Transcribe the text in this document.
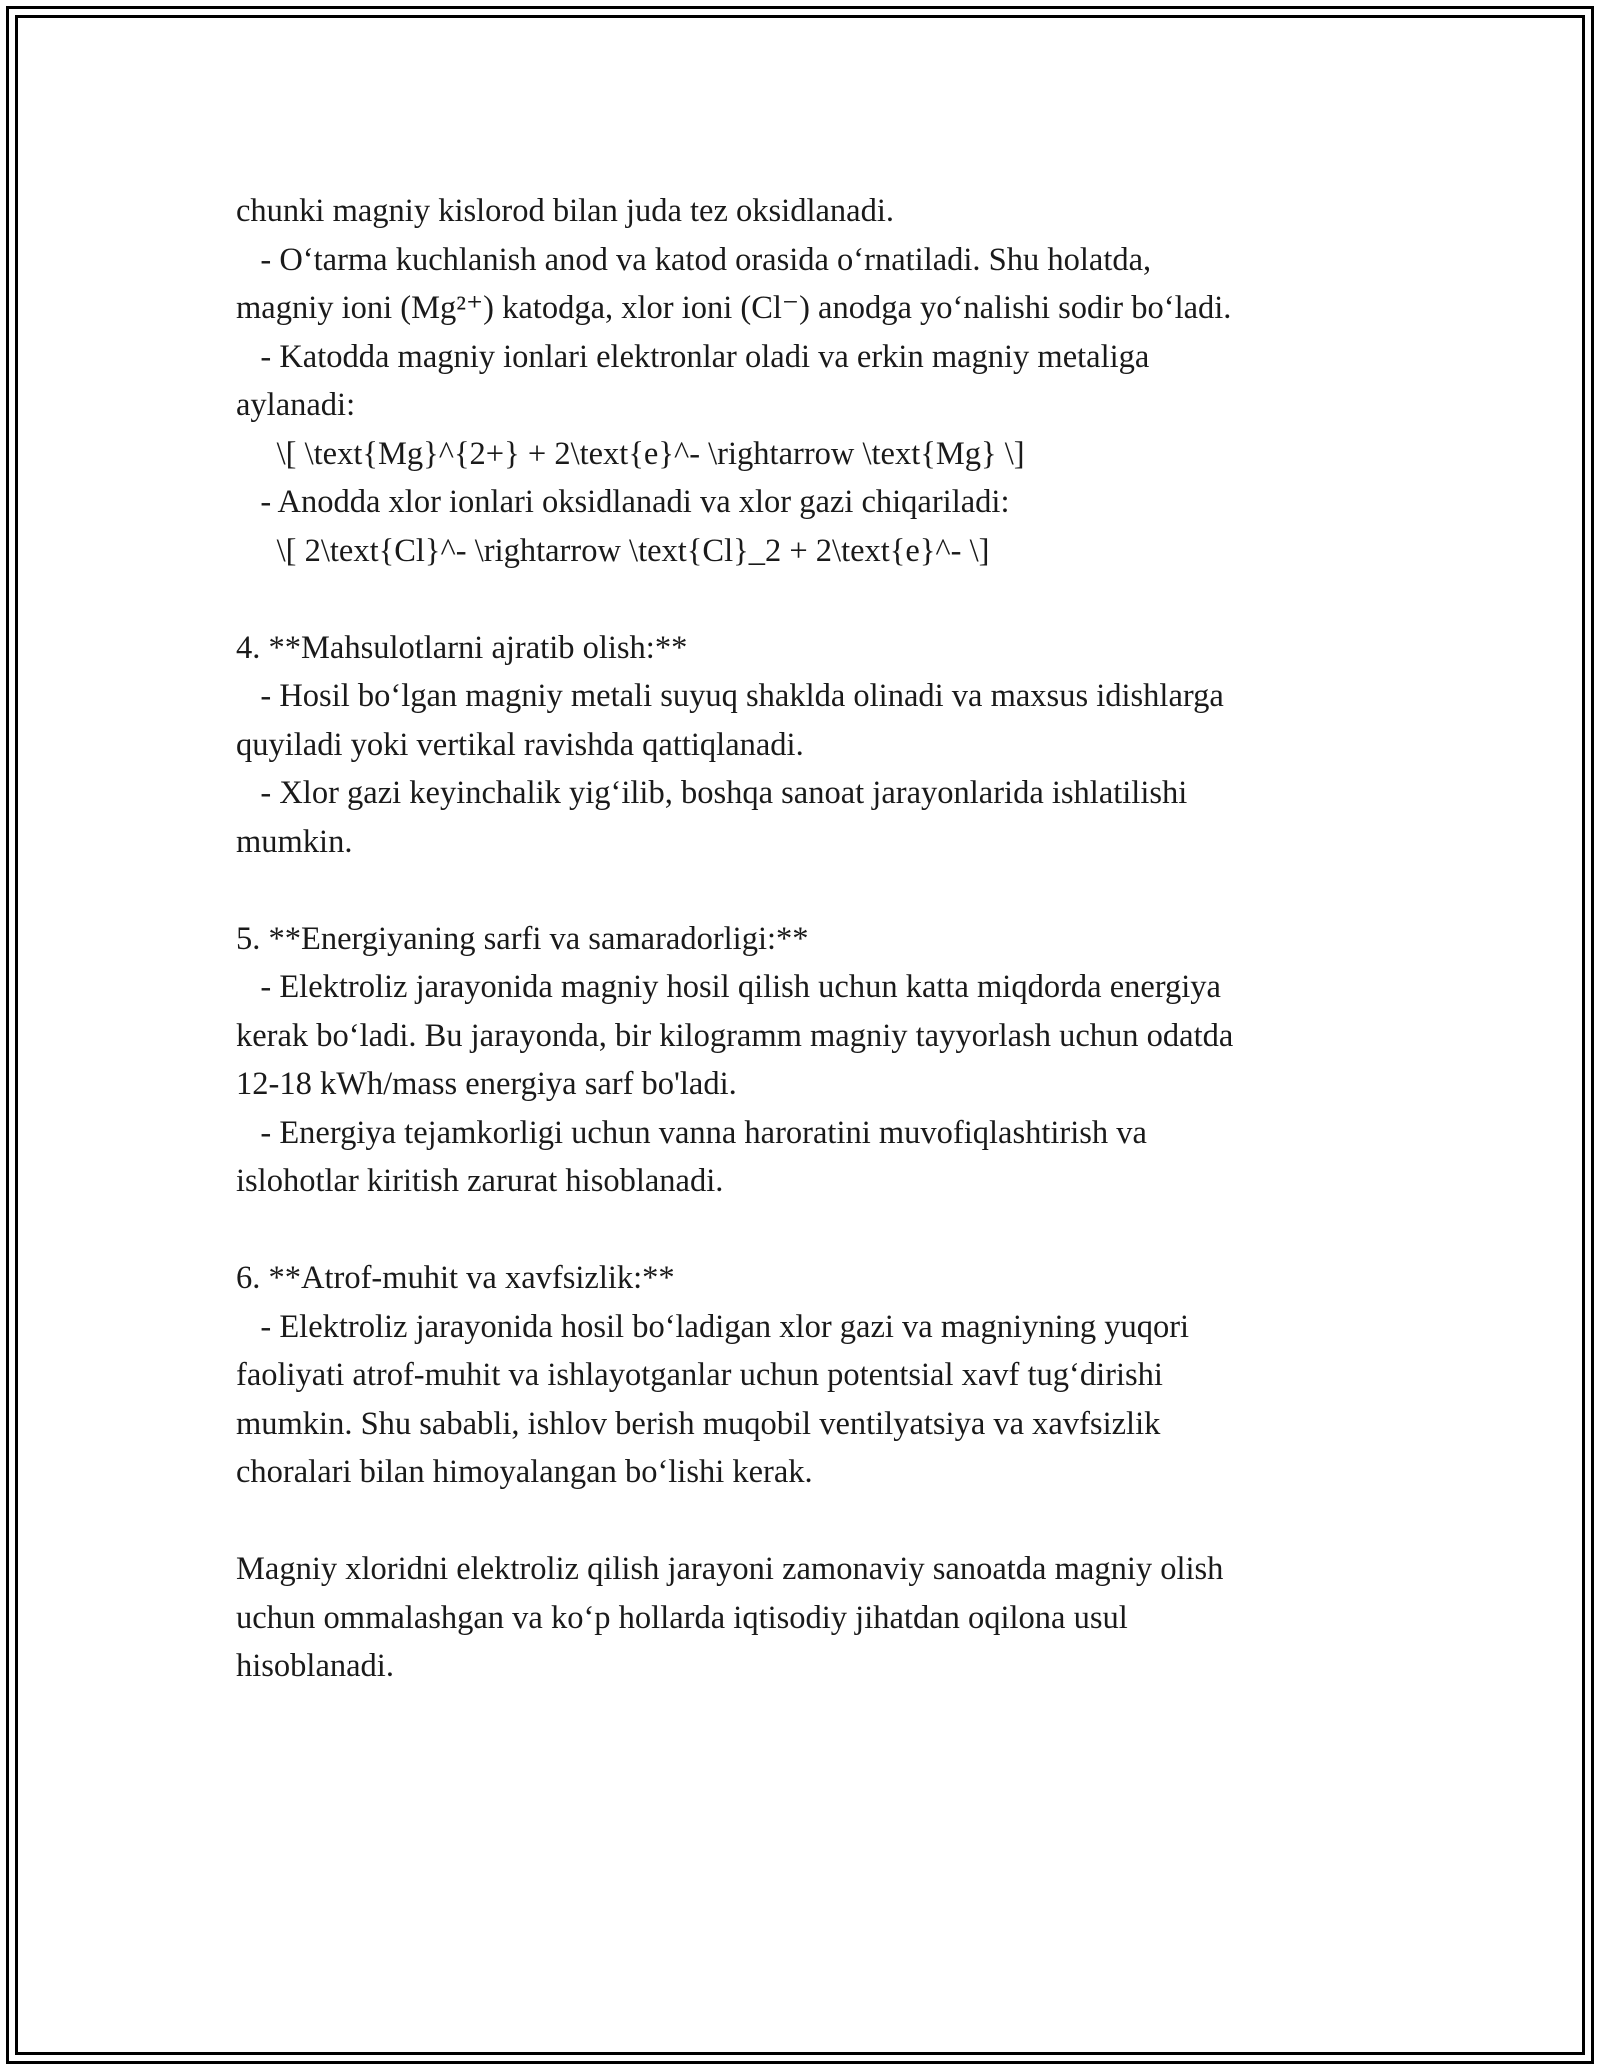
chunki magniy kislorod bilan juda tez oksidlanadi.
- O‘tarma kuchlanish anod va katod orasida o‘rnatiladi. Shu holatda,
magniy ioni (Mg²⁺) katodga, xlor ioni (Cl⁻) anodga yo‘nalishi sodir bo‘ladi.
- Katodda magniy ionlari elektronlar oladi va erkin magniy metaliga
aylanadi:
\[ \text{Mg}^{2+} + 2\text{e}^- \rightarrow \text{Mg} \]
- Anodda xlor ionlari oksidlanadi va xlor gazi chiqariladi:
\[ 2\text{Cl}^- \rightarrow \text{Cl}_2 + 2\text{e}^- \]
4. **Mahsulotlarni ajratib olish:**
- Hosil bo‘lgan magniy metali suyuq shaklda olinadi va maxsus idishlarga
quyiladi yoki vertikal ravishda qattiqlanadi.
- Xlor gazi keyinchalik yig‘ilib, boshqa sanoat jarayonlarida ishlatilishi
mumkin.
5. **Energiyaning sarfi va samaradorligi:**
- Elektroliz jarayonida magniy hosil qilish uchun katta miqdorda energiya
kerak bo‘ladi. Bu jarayonda, bir kilogramm magniy tayyorlash uchun odatda
12-18 kWh/mass energiya sarf bo'ladi.
- Energiya tejamkorligi uchun vanna haroratini muvofiqlashtirish va
islohotlar kiritish zarurat hisoblanadi.
6. **Atrof-muhit va xavfsizlik:**
- Elektroliz jarayonida hosil bo‘ladigan xlor gazi va magniyning yuqori
faoliyati atrof-muhit va ishlayotganlar uchun potentsial xavf tug‘dirishi
mumkin. Shu sababli, ishlov berish muqobil ventilyatsiya va xavfsizlik
choralari bilan himoyalangan bo‘lishi kerak.
Magniy xloridni elektroliz qilish jarayoni zamonaviy sanoatda magniy olish
uchun ommalashgan va ko‘p hollarda iqtisodiy jihatdan oqilona usul
hisoblanadi.
